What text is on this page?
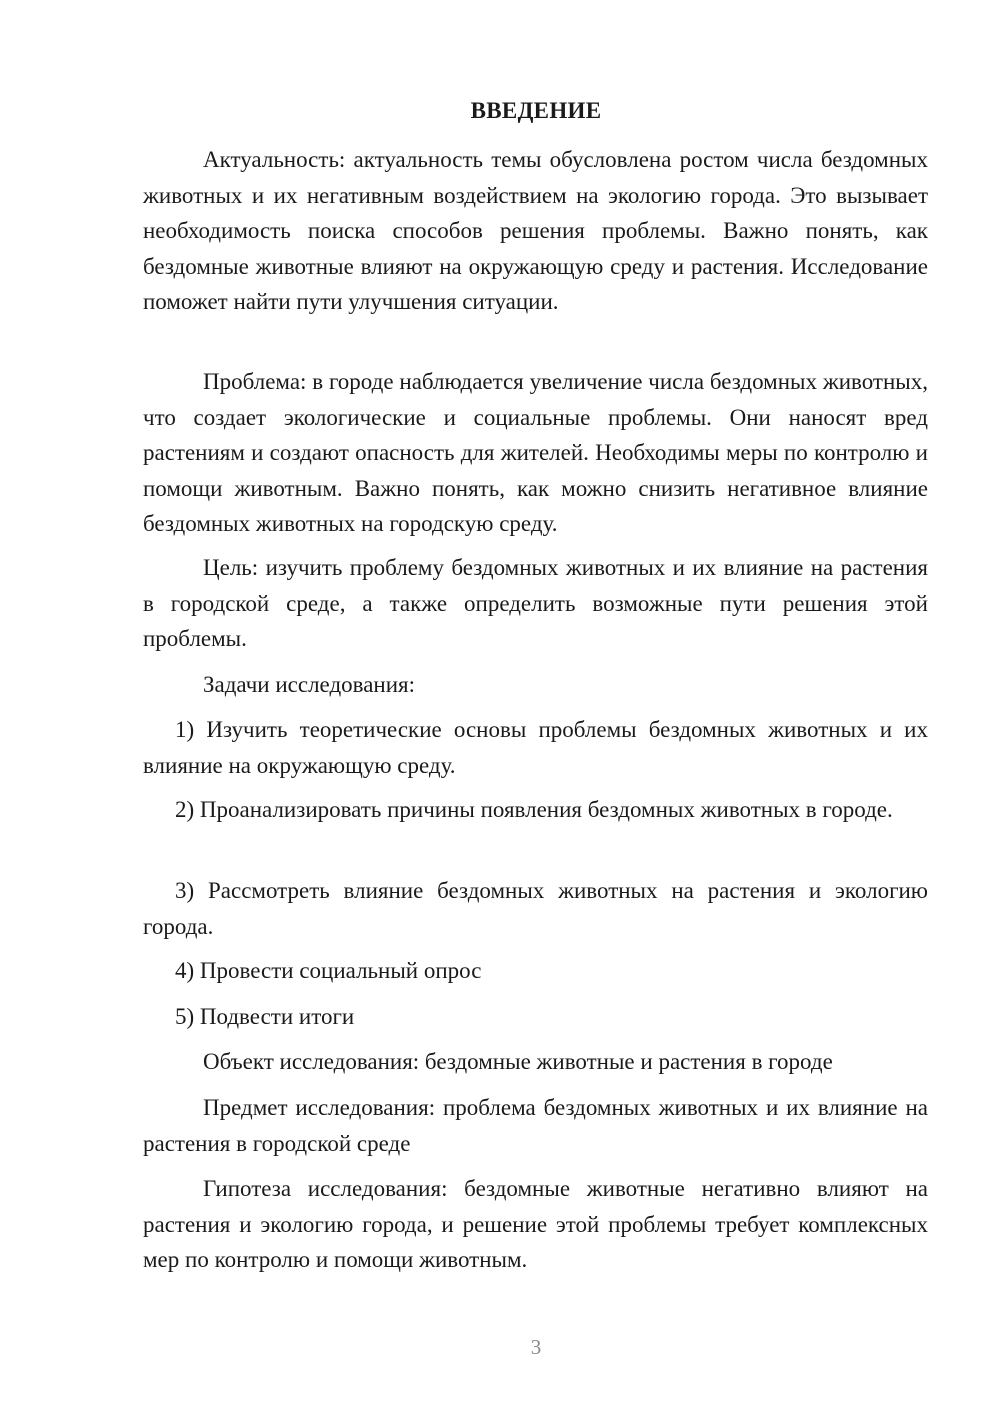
ВВЕДЕНИЕ

Актуальность: актуальность темы обусловлена ростом числа бездомных животных и их негативным воздействием на экологию города. Это вызывает необходимость поиска способов решения проблемы. Важно понять, как бездомные животные влияют на окружающую среду и растения. Исследование поможет найти пути улучшения ситуации.

Проблема: в городе наблюдается увеличение числа бездомных животных, что создает экологические и социальные проблемы. Они наносят вред растениям и создают опасность для жителей. Необходимы меры по контролю и помощи животным. Важно понять, как можно снизить негативное влияние бездомных животных на городскую среду.

Цель: изучить проблему бездомных животных и их влияние на растения в городской среде, а также определить возможные пути решения этой проблемы.

Задачи исследования:

1) Изучить теоретические основы проблемы бездомных животных и их влияние на окружающую среду.

2) Проанализировать причины появления бездомных животных в городе.

3) Рассмотреть влияние бездомных животных на растения и экологию города.

4) Провести социальный опрос

5) Подвести итоги

Объект исследования: бездомные животные и растения в городе

Предмет исследования: проблема бездомных животных и их влияние на растения в городской среде

Гипотеза исследования: бездомные животные негативно влияют на растения и экологию города, и решение этой проблемы требует комплексных мер по контролю и помощи животным.

3
